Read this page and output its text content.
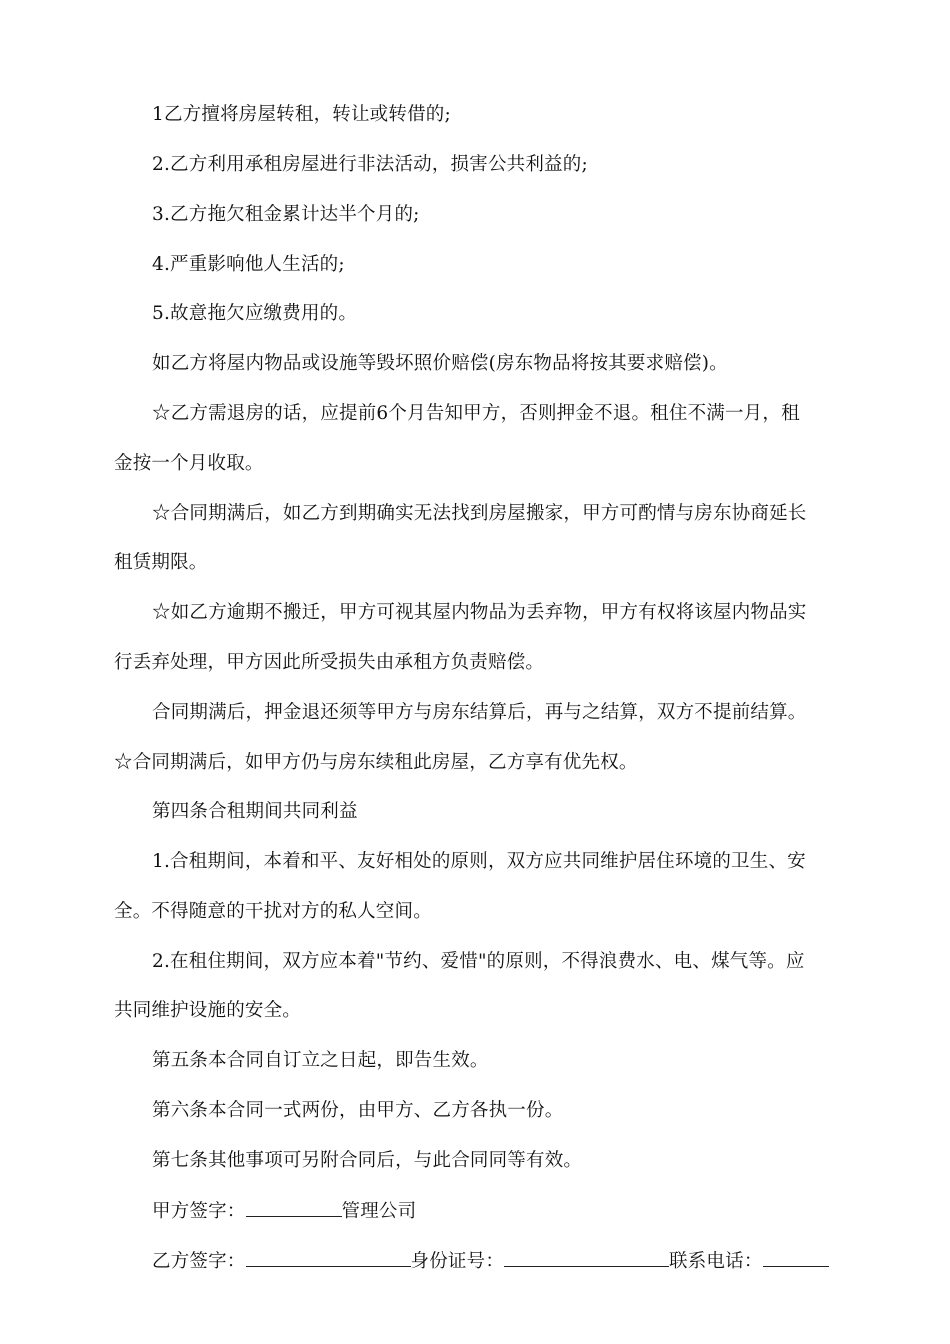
1乙方擅将房屋转租，转让或转借的;
2.乙方利用承租房屋进行非法活动，损害公共利益的;
3.乙方拖欠租金累计达半个月的;
4.严重影响他人生活的;
5.故意拖欠应缴费用的。
如乙方将屋内物品或设施等毁坏照价赔偿(房东物品将按其要求赔偿)。
☆乙方需退房的话，应提前6个月告知甲方，否则押金不退。租住不满一月，租
金按一个月收取。
☆合同期满后，如乙方到期确实无法找到房屋搬家，甲方可酌情与房东协商延长
租赁期限。
☆如乙方逾期不搬迁，甲方可视其屋内物品为丢弃物，甲方有权将该屋内物品实
行丢弃处理，甲方因此所受损失由承租方负责赔偿。
合同期满后，押金退还须等甲方与房东结算后，再与之结算，双方不提前结算。
☆合同期满后，如甲方仍与房东续租此房屋，乙方享有优先权。
第四条合租期间共同利益
1.合租期间，本着和平、友好相处的原则，双方应共同维护居住环境的卫生、安
全。不得随意的干扰对方的私人空间。
2.在租住期间，双方应本着"节约、爱惜"的原则，不得浪费水、电、煤气等。应
共同维护设施的安全。
第五条本合同自订立之日起，即告生效。
第六条本合同一式两份，由甲方、乙方各执一份。
第七条其他事项可另附合同后，与此合同同等有效。
甲方签字：	管理公司
乙方签字：	身份证号：	联系电话：
